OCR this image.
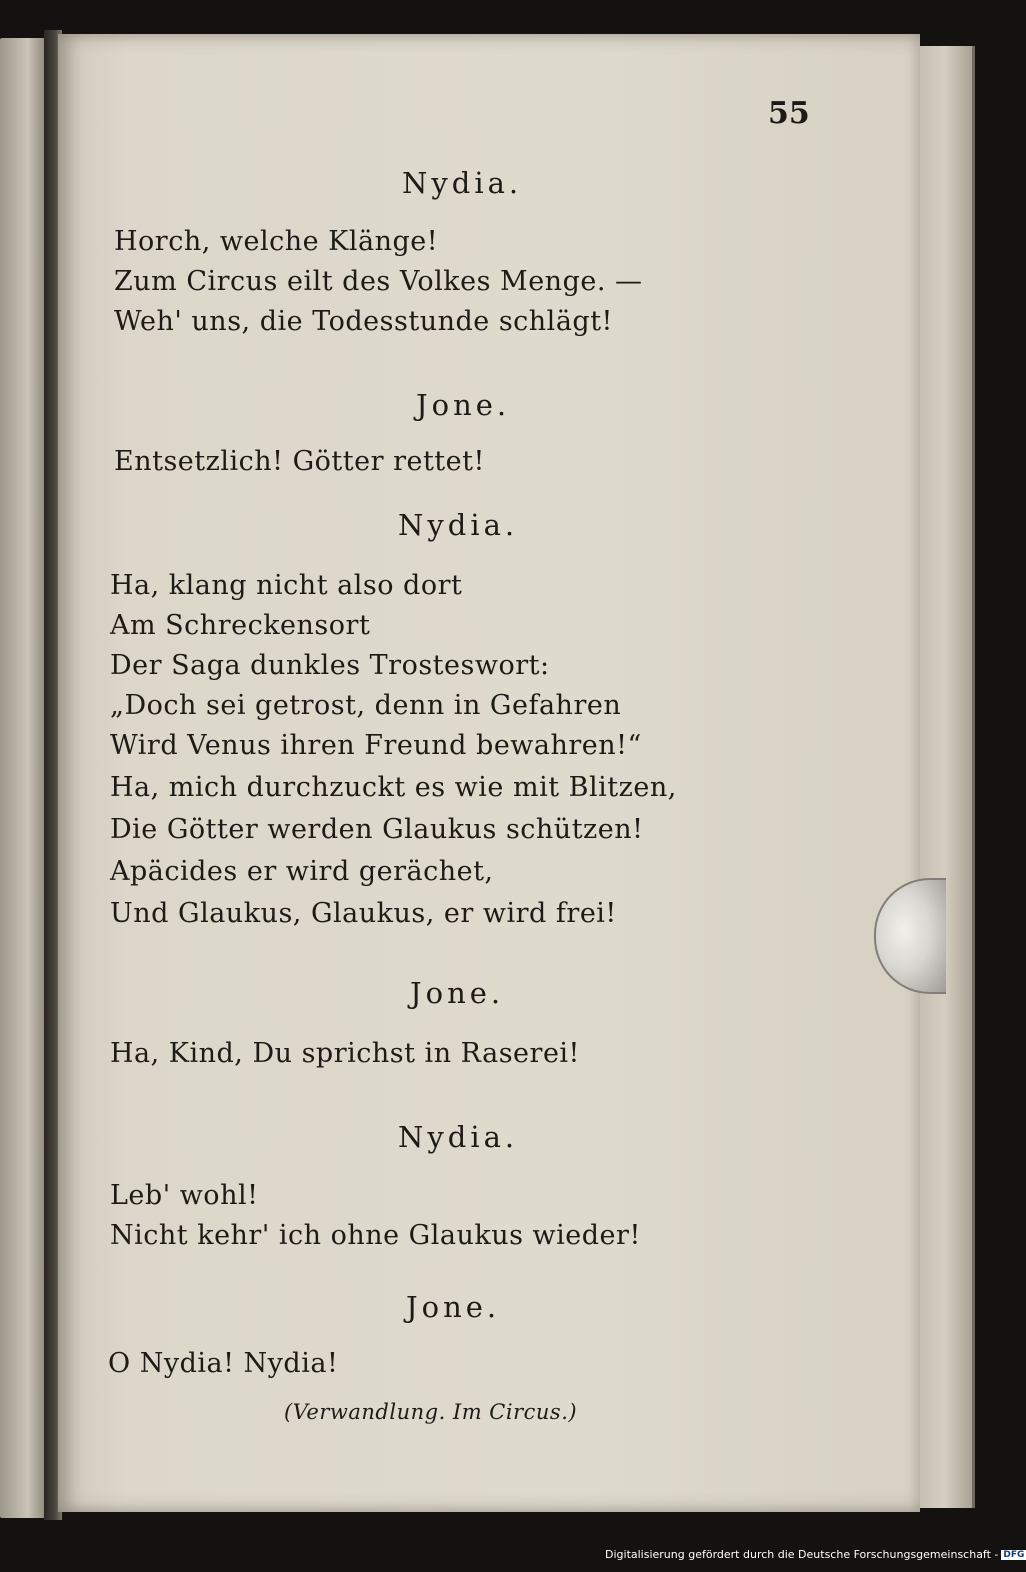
55
Nydia.
Horch, welche Klänge!
Zum Circus eilt des Volkes Menge. —
Weh' uns, die Todesstunde schlägt!
Jone.
Entsetzlich! Götter rettet!
Nydia.
Ha, klang nicht also dort
Am Schreckensort
Der Saga dunkles Trosteswort:
„Doch sei getrost, denn in Gefahren
Wird Venus ihren Freund bewahren!“
Ha, mich durchzuckt es wie mit Blitzen,
Die Götter werden Glaukus schützen!
Apäcides er wird gerächet,
Und Glaukus, Glaukus, er wird frei!
Jone.
Ha, Kind, Du sprichst in Raserei!
Nydia.
Leb' wohl!
Nicht kehr' ich ohne Glaukus wieder!
Jone.
O Nydia! Nydia!
(Verwandlung. Im Circus.)
Digitalisierung gefördert durch die Deutsche Forschungsgemeinschaft - DFG
